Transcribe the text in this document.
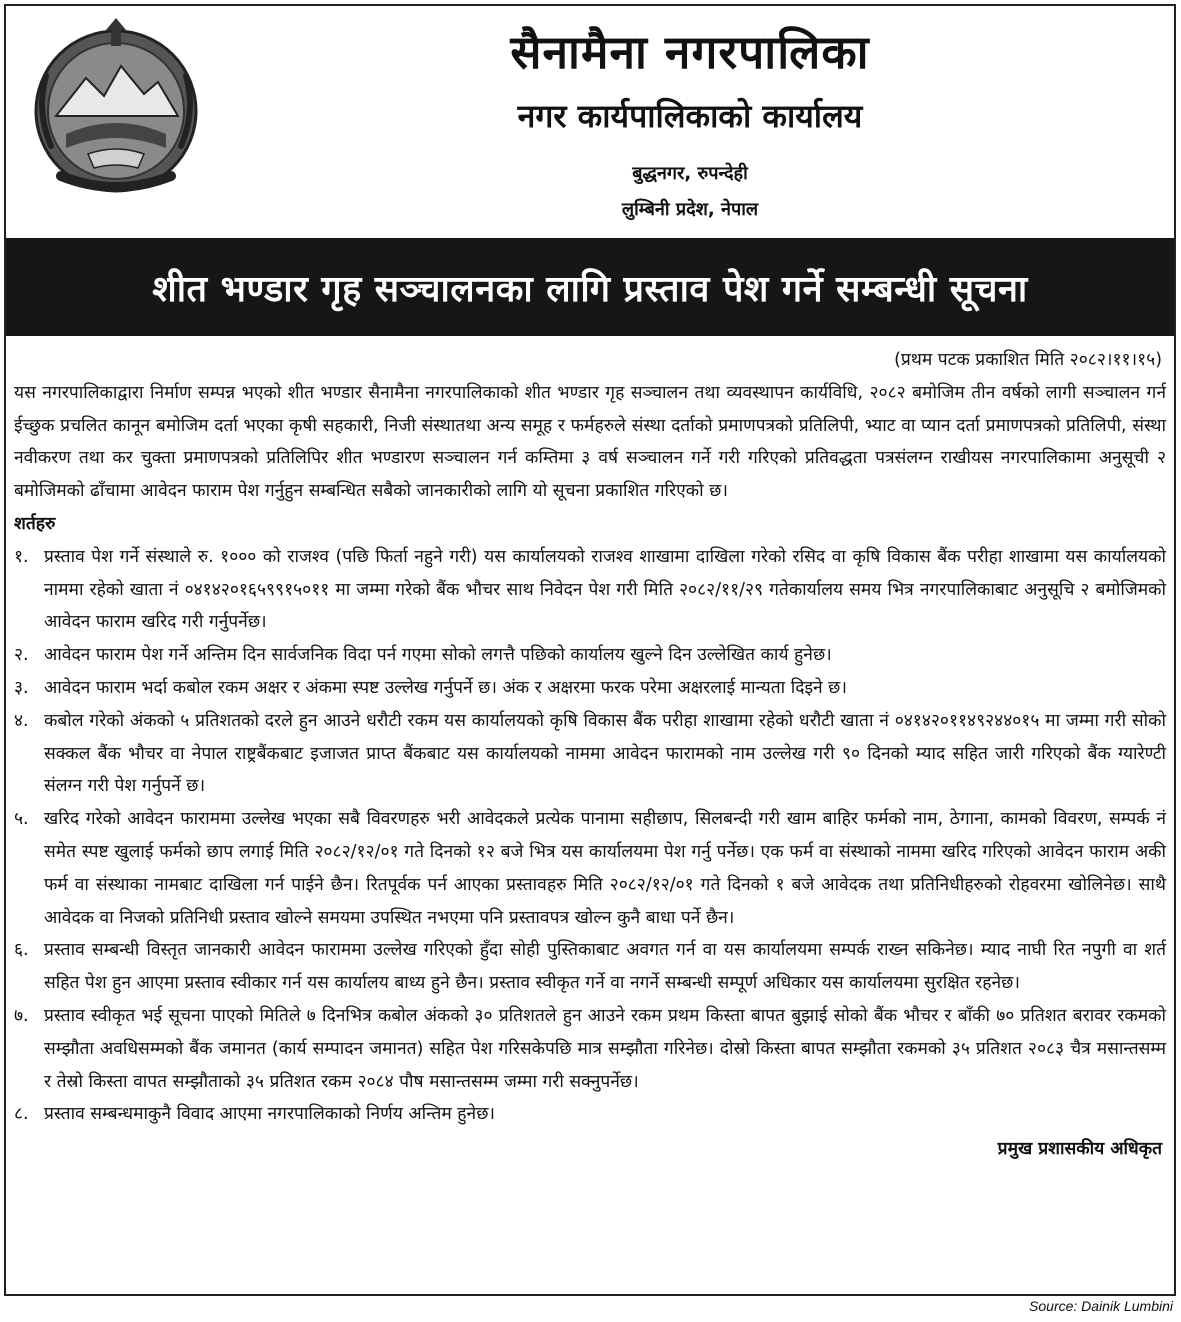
सैनामैना नगरपालिका
नगर कार्यपालिकाको कार्यालय
बुद्धनगर, रुपन्देही
लुम्बिनी प्रदेश, नेपाल
शीत भण्डार गृह सञ्चालनका लागि प्रस्ताव पेश गर्ने सम्बन्धी सूचना
(प्रथम पटक प्रकाशित मिति २०८२।११।१५)
यस नगरपालिकाद्वारा निर्माण सम्पन्न भएको शीत भण्डार सैनामैना नगरपालिकाको शीत भण्डार गृह सञ्चालन तथा व्यवस्थापन कार्यविधि, २०८२ बमोजिम तीन वर्षको लागी सञ्चालन गर्न ईच्छुक प्रचलित कानून बमोजिम दर्ता भएका कृषी सहकारी, निजी संस्थातथा अन्य समूह र फर्महरुले संस्था दर्ताको प्रमाणपत्रको प्रतिलिपी, भ्याट वा प्यान दर्ता प्रमाणपत्रको प्रतिलिपी, संस्था नवीकरण तथा कर चुक्ता प्रमाणपत्रको प्रतिलिपिर शीत भण्डारण सञ्चालन गर्न कम्तिमा ३ वर्ष सञ्चालन गर्ने गरी गरिएको प्रतिवद्धता पत्रसंलग्न राखीयस नगरपालिकामा अनुसूची २ बमोजिमको ढाँचामा आवेदन फाराम पेश गर्नुहुन सम्बन्धित सबैको जानकारीको लागि यो सूचना प्रकाशित गरिएको छ।
शर्तहरु
१. प्रस्ताव पेश गर्ने संस्थाले रु. १००० को राजश्व (पछि फिर्ता नहुने गरी) यस कार्यालयको राजश्व शाखामा दाखिला गरेको रसिद वा कृषि विकास बैंक परीहा शाखामा यस कार्यालयको नाममा रहेको खाता नं ०४१४२०१६५९९१५०११ मा जम्मा गरेको बैंक भौचर साथ निवेदन पेश गरी मिति २०८२/११/२९ गतेकार्यालय समय भित्र नगरपालिकाबाट अनुसूचि २ बमोजिमको आवेदन फाराम खरिद गरी गर्नुपर्नेछ।
२. आवेदन फाराम पेश गर्ने अन्तिम दिन सार्वजनिक विदा पर्न गएमा सोको लगत्तै पछिको कार्यालय खुल्ने दिन उल्लेखित कार्य हुनेछ।
३. आवेदन फाराम भर्दा कबोल रकम अक्षर र अंकमा स्पष्ट उल्लेख गर्नुपर्ने छ। अंक र अक्षरमा फरक परेमा अक्षरलाई मान्यता दिइने छ।
४. कबोल गरेको अंकको ५ प्रतिशतको दरले हुन आउने धरौटी रकम यस कार्यालयको कृषि विकास बैंक परीहा शाखामा रहेको धरौटी खाता नं ०४१४२०११४९२४४०१५ मा जम्मा गरी सोको सक्कल बैंक भौचर वा नेपाल राष्ट्रबैंकबाट इजाजत प्राप्त बैंकबाट यस कार्यालयको नाममा आवेदन फारामको नाम उल्लेख गरी ९० दिनको म्याद सहित जारी गरिएको बैंक ग्यारेण्टी संलग्न गरी पेश गर्नुपर्ने छ।
५. खरिद गरेको आवेदन फाराममा उल्लेख भएका सबै विवरणहरु भरी आवेदकले प्रत्येक पानामा सहीछाप, सिलबन्दी गरी खाम बाहिर फर्मको नाम, ठेगाना, कामको विवरण, सम्पर्क नं समेत स्पष्ट खुलाई फर्मको छाप लगाई मिति २०८२/१२/०१ गते दिनको १२ बजे भित्र यस कार्यालयमा पेश गर्नु पर्नेछ। एक फर्म वा संस्थाको नाममा खरिद गरिएको आवेदन फाराम अकी फर्म वा संस्थाका नामबाट दाखिला गर्न पाईने छैन। रितपूर्वक पर्न आएका प्रस्तावहरु मिति २०८२/१२/०१ गते दिनको १ बजे आवेदक तथा प्रतिनिधीहरुको रोहवरमा खोलिनेछ। साथै आवेदक वा निजको प्रतिनिधी प्रस्ताव खोल्ने समयमा उपस्थित नभएमा पनि प्रस्तावपत्र खोल्न कुनै बाधा पर्ने छैन।
६. प्रस्ताव सम्बन्धी विस्तृत जानकारी आवेदन फाराममा उल्लेख गरिएको हुँदा सोही पुस्तिकाबाट अवगत गर्न वा यस कार्यालयमा सम्पर्क राख्न सकिनेछ। म्याद नाघी रित नपुगी वा शर्त सहित पेश हुन आएमा प्रस्ताव स्वीकार गर्न यस कार्यालय बाध्य हुने छैन। प्रस्ताव स्वीकृत गर्ने वा नगर्ने सम्बन्धी सम्पूर्ण अधिकार यस कार्यालयमा सुरक्षित रहनेछ।
७. प्रस्ताव स्वीकृत भई सूचना पाएको मितिले ७ दिनभित्र कबोल अंकको ३० प्रतिशतले हुन आउने रकम प्रथम किस्ता बापत बुझाई सोको बैंक भौचर र बाँकी ७० प्रतिशत बरावर रकमको सम्झौता अवधिसम्मको बैंक जमानत (कार्य सम्पादन जमानत) सहित पेश गरिसकेपछि मात्र सम्झौता गरिनेछ। दोस्रो किस्ता बापत सम्झौता रकमको ३५ प्रतिशत २०८३ चैत्र मसान्तसम्म र तेस्रो किस्ता वापत सम्झौताको ३५ प्रतिशत रकम २०८४ पौष मसान्तसम्म जम्मा गरी सक्नुपर्नेछ।
८. प्रस्ताव सम्बन्धमाकुनै विवाद आएमा नगरपालिकाको निर्णय अन्तिम हुनेछ।
प्रमुख प्रशासकीय अधिकृत
Source: Dainik Lumbini
